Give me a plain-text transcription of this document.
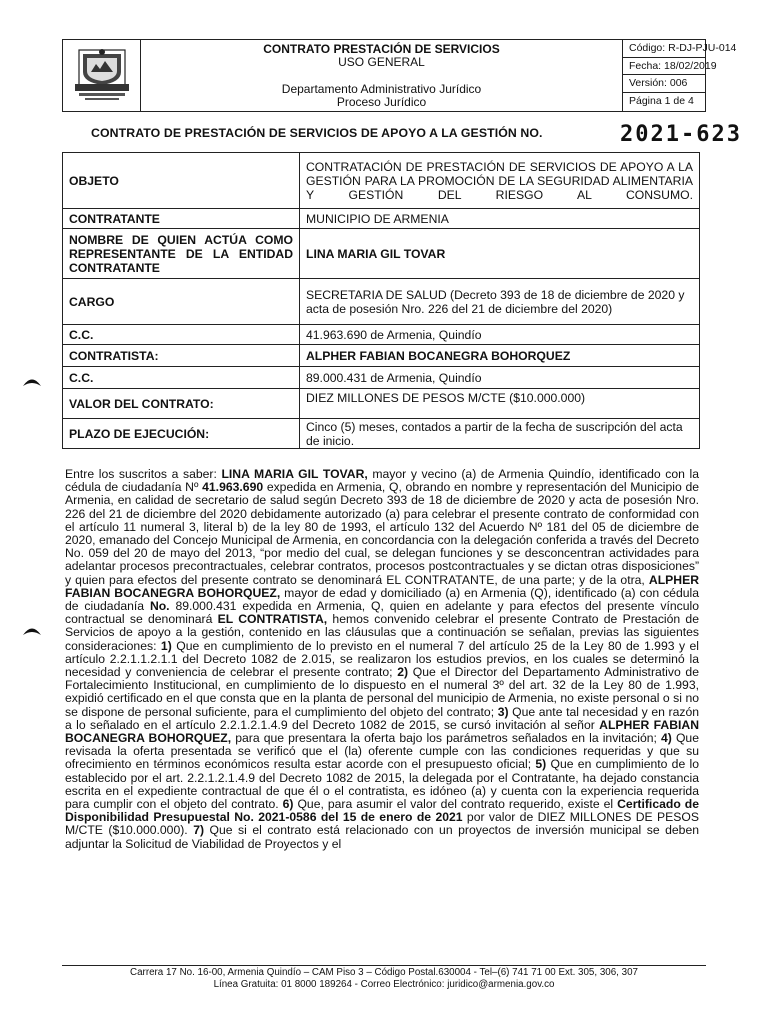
CONTRATO PRESTACIÓN DE SERVICIOS
USO GENERAL
Departamento Administrativo Jurídico
Proceso Jurídico
Código: R-DJ-PJU-014
Fecha: 18/02/2019
Versión: 006
Página 1 de 4
CONTRATO DE PRESTACIÓN DE SERVICIOS DE APOYO A LA GESTIÓN NO.	2021-623
OBJETO	CONTRATACIÓN DE PRESTACIÓN DE SERVICIOS DE APOYO A LA GESTIÓN PARA LA PROMOCIÓN DE LA SEGURIDAD ALIMENTARIA Y GESTIÓN DEL RIESGO AL CONSUMO.
CONTRATANTE	MUNICIPIO DE ARMENIA
NOMBRE DE QUIEN ACTÚA COMO REPRESENTANTE DE LA ENTIDAD CONTRATANTE	LINA MARIA GIL TOVAR
CARGO	SECRETARIA DE SALUD (Decreto 393 de 18 de diciembre de 2020 y acta de posesión Nro. 226 del 21 de diciembre del 2020)
C.C.	41.963.690 de Armenia, Quindío
CONTRATISTA:	ALPHER FABIAN BOCANEGRA BOHORQUEZ
C.C.	89.000.431 de Armenia, Quindío
VALOR DEL CONTRATO:	DIEZ MILLONES DE PESOS M/CTE ($10.000.000)
PLAZO DE EJECUCIÓN:	Cinco (5) meses, contados a partir de la fecha de suscripción del acta de inicio.

Entre los suscritos a saber: LINA MARIA GIL TOVAR, mayor y vecino (a) de Armenia Quindío, identificado con la cédula de ciudadanía Nº 41.963.690 expedida en Armenia, Q, obrando en nombre y representación del Municipio de Armenia, en calidad de secretario de salud según Decreto 393 de 18 de diciembre de 2020 y acta de posesión Nro. 226 del 21 de diciembre del 2020 debidamente autorizado (a) para celebrar el presente contrato de conformidad con el artículo 11 numeral 3, literal b) de la ley 80 de 1993, el artículo 132 del Acuerdo Nº 181 del 05 de diciembre de 2020, emanado del Concejo Municipal de Armenia, en concordancia con la delegación conferida a través del Decreto No. 059 del 20 de mayo del 2013, “por medio del cual, se delegan funciones y se desconcentran actividades para adelantar procesos precontractuales, celebrar contratos, procesos postcontractuales y se dictan otras disposiciones” y quien para efectos del presente contrato se denominará EL CONTRATANTE, de una parte; y de la otra, ALPHER FABIAN BOCANEGRA BOHORQUEZ, mayor de edad y domiciliado (a) en Armenia (Q), identificado (a) con cédula de ciudadanía No. 89.000.431 expedida en Armenia, Q, quien en adelante y para efectos del presente vínculo contractual se denominará EL CONTRATISTA, hemos convenido celebrar el presente Contrato de Prestación de Servicios de apoyo a la gestión, contenido en las cláusulas que a continuación se señalan, previas las siguientes consideraciones: 1) Que en cumplimiento de lo previsto en el numeral 7 del artículo 25 de la Ley 80 de 1.993 y el artículo 2.2.1.1.2.1.1 del Decreto 1082 de 2.015, se realizaron los estudios previos, en los cuales se determinó la necesidad y conveniencia de celebrar el presente contrato; 2) Que el Director del Departamento Administrativo de Fortalecimiento Institucional, en cumplimiento de lo dispuesto en el numeral 3º del art. 32 de la Ley 80 de 1.993, expidió certificado en el que consta que en la planta de personal del municipio de Armenia, no existe personal o si no se dispone de personal suficiente, para el cumplimiento del objeto del contrato; 3) Que ante tal necesidad y en razón a lo señalado en el artículo 2.2.1.2.1.4.9 del Decreto 1082 de 2015, se cursó invitación al señor ALPHER FABIAN BOCANEGRA BOHORQUEZ, para que presentara la oferta bajo los parámetros señalados en la invitación; 4) Que revisada la oferta presentada se verificó que el (la) oferente cumple con las condiciones requeridas y que su ofrecimiento en términos económicos resulta estar acorde con el presupuesto oficial; 5) Que en cumplimiento de lo establecido por el art. 2.2.1.2.1.4.9 del Decreto 1082 de 2015, la delegada por el Contratante, ha dejado constancia escrita en el expediente contractual de que él o el contratista, es idóneo (a) y cuenta con la experiencia requerida para cumplir con el objeto del contrato. 6) Que, para asumir el valor del contrato requerido, existe el Certificado de Disponibilidad Presupuestal No. 2021-0586 del 15 de enero de 2021 por valor de DIEZ MILLONES DE PESOS M/CTE ($10.000.000). 7) Que si el contrato está relacionado con un proyectos de inversión municipal se deben adjuntar la Solicitud de Viabilidad de Proyectos y el

Carrera 17 No. 16-00, Armenia Quindío – CAM Piso 3 – Código Postal.630004 - Tel–(6) 741 71 00 Ext. 305, 306, 307
Línea Gratuita: 01 8000 189264 - Correo Electrónico: juridico@armenia.gov.co
